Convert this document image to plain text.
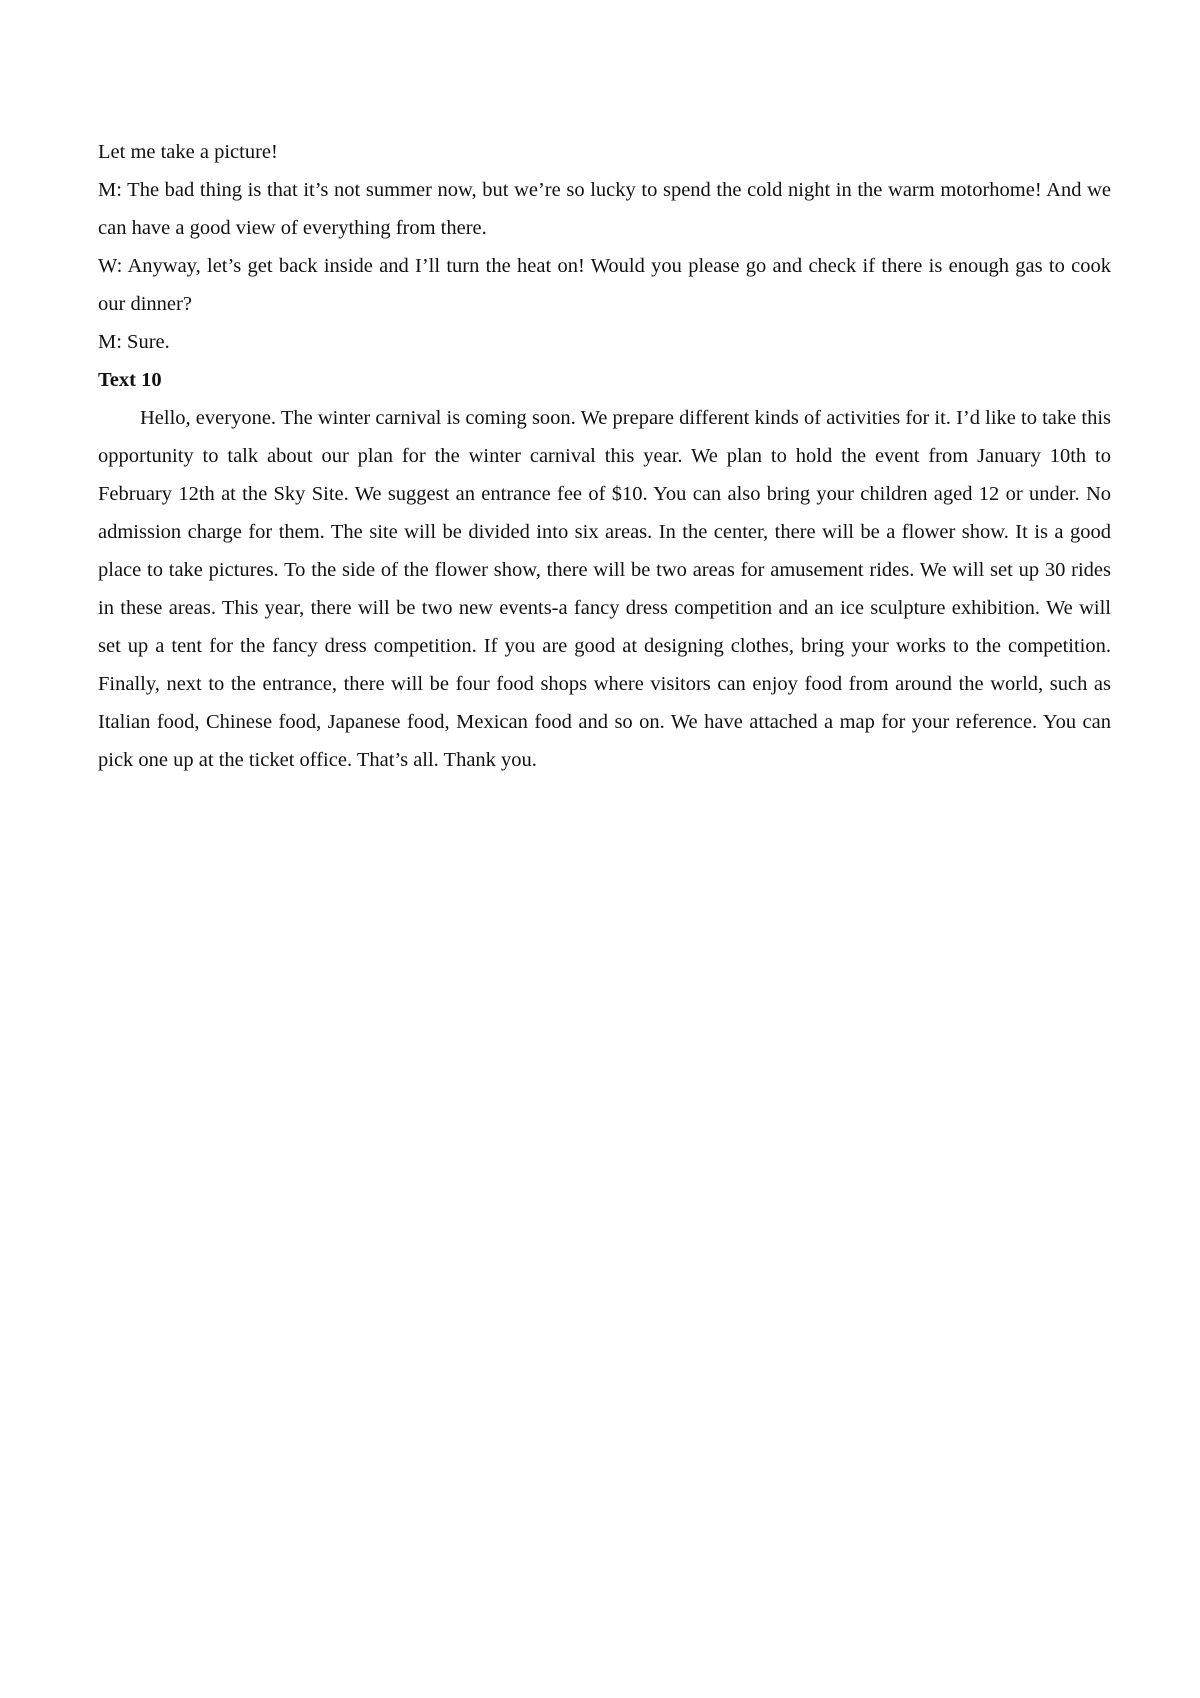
Let me take a picture!

M: The bad thing is that it’s not summer now, but we’re so lucky to spend the cold night in the warm motorhome! And we can have a good view of everything from there.

W: Anyway, let’s get back inside and I’ll turn the heat on! Would you please go and check if there is enough gas to cook our dinner?

M: Sure.

Text 10

Hello, everyone. The winter carnival is coming soon. We prepare different kinds of activities for it. I’d like to take this opportunity to talk about our plan for the winter carnival this year. We plan to hold the event from January 10th to February 12th at the Sky Site. We suggest an entrance fee of $10. You can also bring your children aged 12 or under. No admission charge for them. The site will be divided into six areas. In the center, there will be a flower show. It is a good place to take pictures. To the side of the flower show, there will be two areas for amusement rides. We will set up 30 rides in these areas. This year, there will be two new events-a fancy dress competition and an ice sculpture exhibition. We will set up a tent for the fancy dress competition. If you are good at designing clothes, bring your works to the competition. Finally, next to the entrance, there will be four food shops where visitors can enjoy food from around the world, such as Italian food, Chinese food, Japanese food, Mexican food and so on. We have attached a map for your reference. You can pick one up at the ticket office. That’s all. Thank you.
